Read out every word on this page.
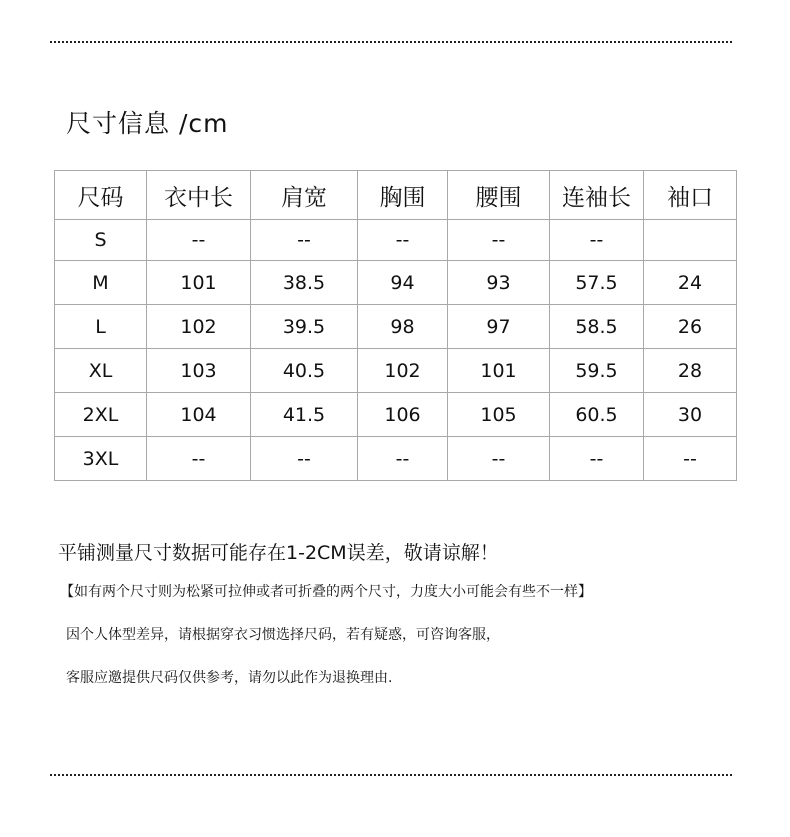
尺寸信息 /cm
尺码	衣中长	肩宽	胸围	腰围	连袖长	袖口
S	--	--	--	--	--	
M	101	38.5	94	93	57.5	24
L	102	39.5	98	97	58.5	26
XL	103	40.5	102	101	59.5	28
2XL	104	41.5	106	105	60.5	30
3XL	--	--	--	--	--	--
平铺测量尺寸数据可能存在1-2CM误差，敬请谅解！
【如有两个尺寸则为松紧可拉伸或者可折叠的两个尺寸，力度大小可能会有些不一样】
因个人体型差异，请根据穿衣习惯选择尺码，若有疑惑，可咨询客服，
客服应邀提供尺码仅供参考，请勿以此作为退换理由.
